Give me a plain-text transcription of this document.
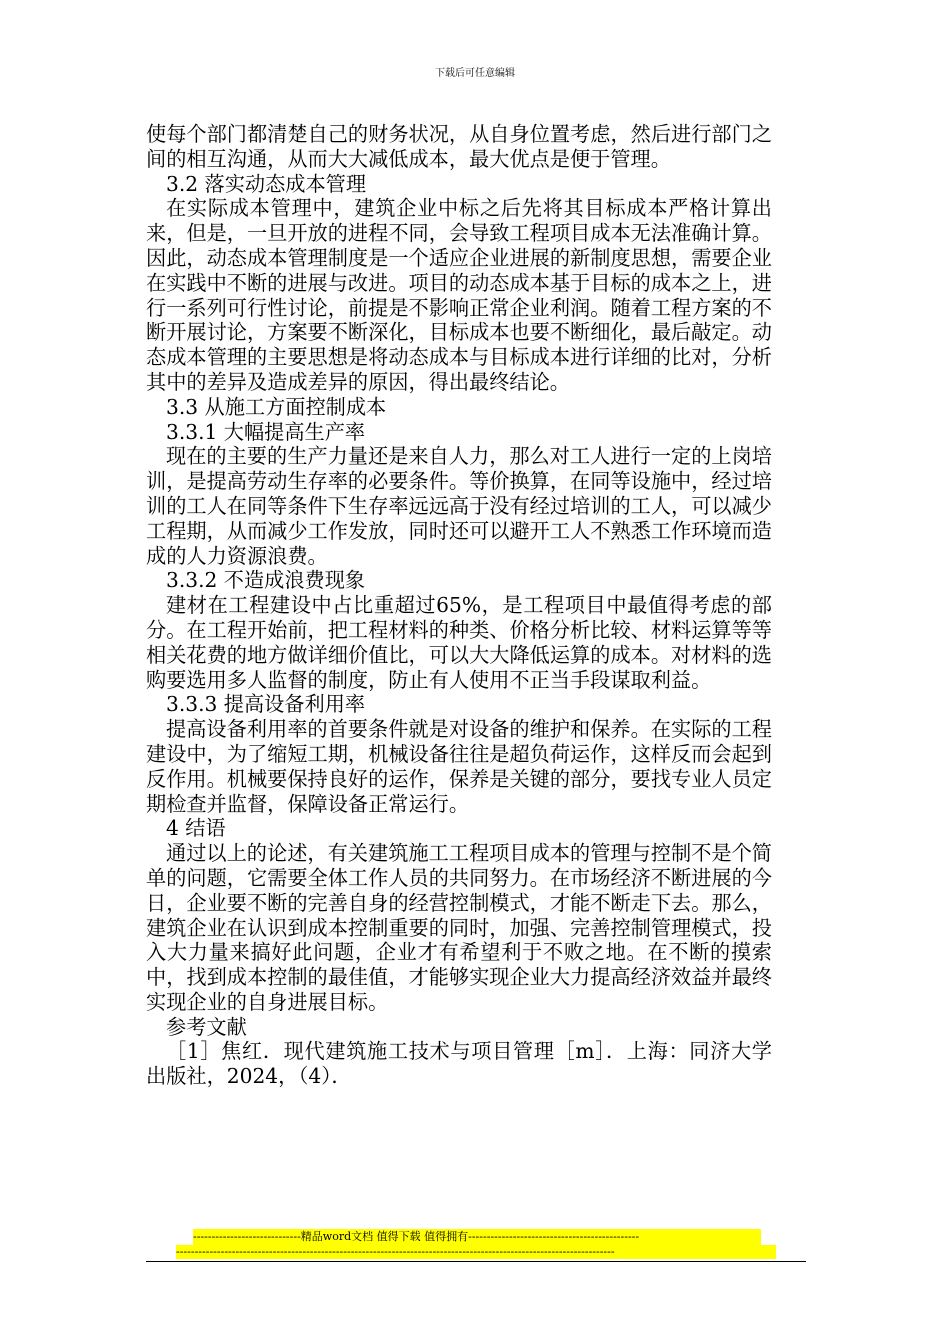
下载后可任意编辑

使每个部门都清楚自己的财务状况，从自身位置考虑，然后进行部门之间的相互沟通，从而大大减低成本，最大优点是便于管理。

3.2 落实动态成本管理

在实际成本管理中，建筑企业中标之后先将其目标成本严格计算出来，但是，一旦开放的进程不同，会导致工程项目成本无法准确计算。因此，动态成本管理制度是一个适应企业进展的新制度思想，需要企业在实践中不断的进展与改进。项目的动态成本基于目标的成本之上，进行一系列可行性讨论，前提是不影响正常企业利润。随着工程方案的不断开展讨论，方案要不断深化，目标成本也要不断细化，最后敲定。动态成本管理的主要思想是将动态成本与目标成本进行详细的比对，分析其中的差异及造成差异的原因，得出最终结论。

3.3 从施工方面控制成本

3.3.1 大幅提高生产率

现在的主要的生产力量还是来自人力，那么对工人进行一定的上岗培训，是提高劳动生存率的必要条件。等价换算，在同等设施中，经过培训的工人在同等条件下生存率远远高于没有经过培训的工人，可以减少工程期，从而减少工作发放，同时还可以避开工人不熟悉工作环境而造成的人力资源浪费。

3.3.2 不造成浪费现象

建材在工程建设中占比重超过65%，是工程项目中最值得考虑的部分。在工程开始前，把工程材料的种类、价格分析比较、材料运算等等相关花费的地方做详细价值比，可以大大降低运算的成本。对材料的选购要选用多人监督的制度，防止有人使用不正当手段谋取利益。

3.3.3 提高设备利用率

提高设备利用率的首要条件就是对设备的维护和保养。在实际的工程建设中，为了缩短工期，机械设备往往是超负荷运作，这样反而会起到反作用。机械要保持良好的运作，保养是关键的部分，要找专业人员定期检查并监督，保障设备正常运行。

4 结语

通过以上的论述，有关建筑施工工程项目成本的管理与控制不是个简单的问题，它需要全体工作人员的共同努力。在市场经济不断进展的今日，企业要不断的完善自身的经营控制模式，才能不断走下去。那么，建筑企业在认识到成本控制重要的同时，加强、完善控制管理模式，投入大力量来搞好此问题，企业才有希望利于不败之地。在不断的摸索中，找到成本控制的最佳值，才能够实现企业大力提高经济效益并最终实现企业的自身进展目标。

参考文献

［1］焦红．现代建筑施工技术与项目管理［m］．上海：同济大学出版社，2024，（4）．

-----------------------------精品word文档 值得下载 值得拥有----------------------------------------------
----------------------------------------------------------------------------------------------------------------------
